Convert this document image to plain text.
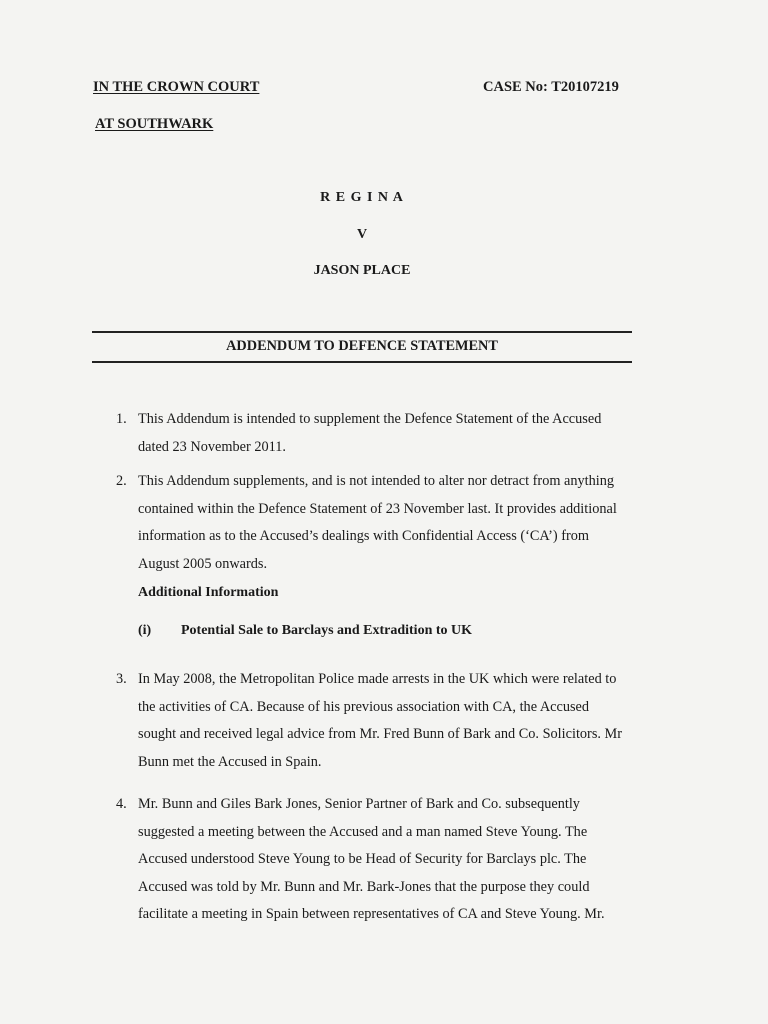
IN THE CROWN COURT
AT SOUTHWARK
CASE No: T20107219
R E G I N A
V
JASON PLACE
ADDENDUM TO DEFENCE STATEMENT
1. This Addendum is intended to supplement the Defence Statement of the Accused
dated 23 November 2011.
2. This Addendum supplements, and is not intended to alter nor detract from anything
contained within the Defence Statement of 23 November last. It provides additional
information as to the Accused’s dealings with Confidential Access (‘CA’) from
August 2005 onwards.
Additional Information
(i) Potential Sale to Barclays and Extradition to UK
3. In May 2008, the Metropolitan Police made arrests in the UK which were related to
the activities of CA. Because of his previous association with CA, the Accused
sought and received legal advice from Mr. Fred Bunn of Bark and Co. Solicitors. Mr
Bunn met the Accused in Spain.
4. Mr. Bunn and Giles Bark Jones, Senior Partner of Bark and Co. subsequently
suggested a meeting between the Accused and a man named Steve Young. The
Accused understood Steve Young to be Head of Security for Barclays plc. The
Accused was told by Mr. Bunn and Mr. Bark-Jones that the purpose they could
facilitate a meeting in Spain between representatives of CA and Steve Young. Mr.
